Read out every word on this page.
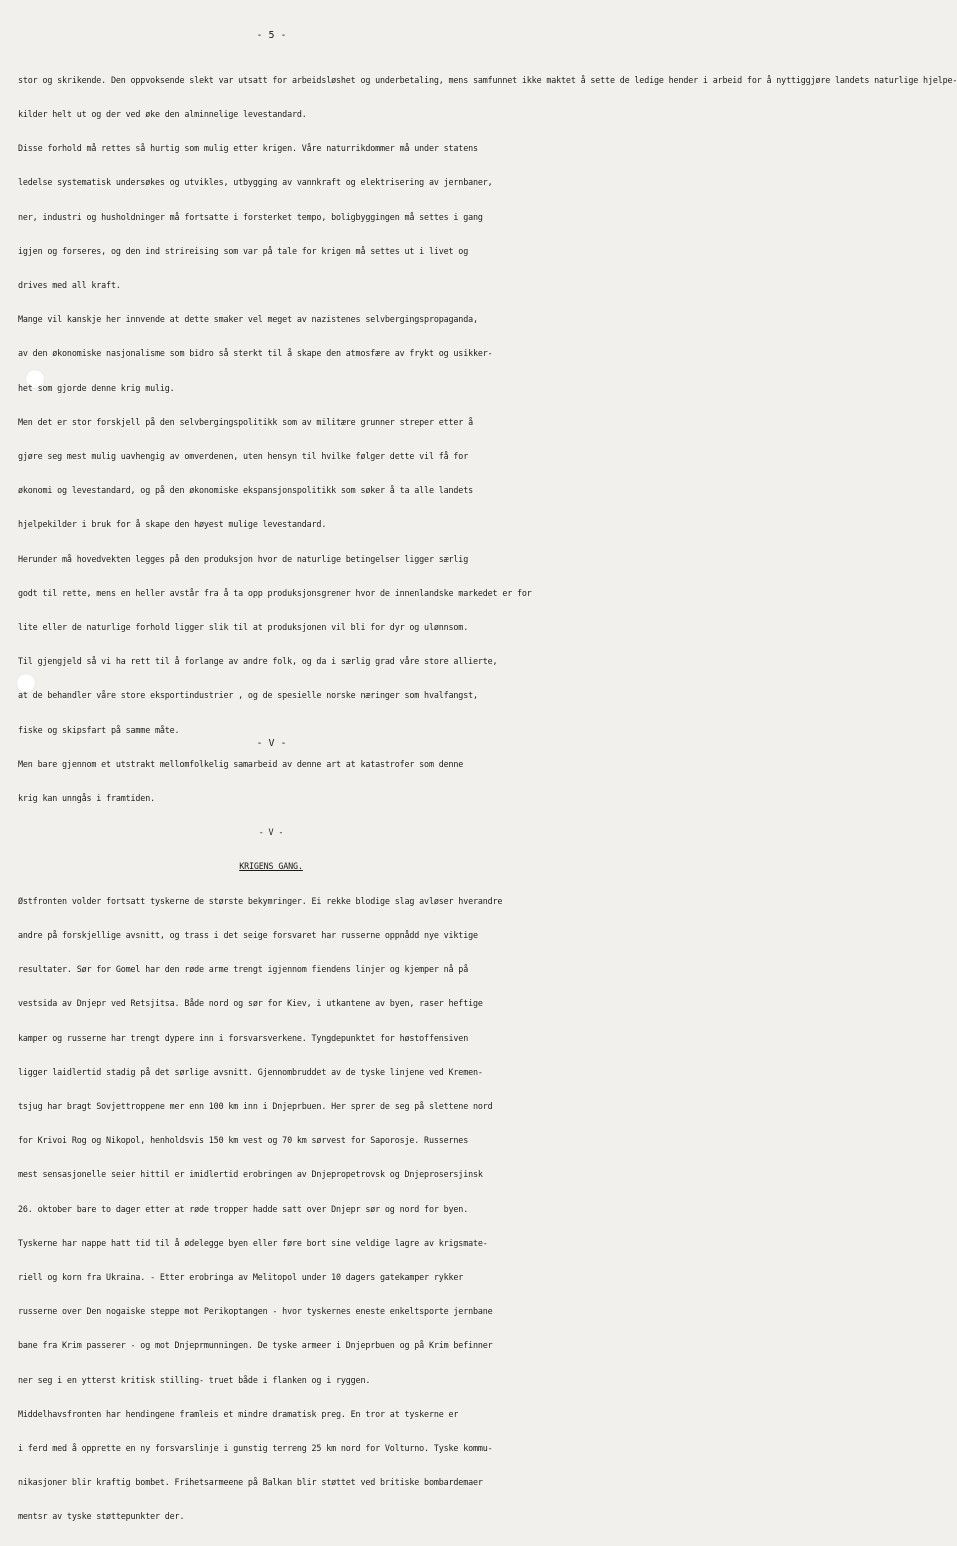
- 5 -

stor og skrikende. Den oppvoksende slekt var utsatt for arbeidsløshet og underbetaling, mens samfunnet ikke maktet å sette de ledige hender i arbeid for å nyttiggjøre landets naturlige hjelpe-

kilder helt ut og der ved øke den alminnelige levestandard.

Disse forhold må rettes så hurtig som mulig etter krigen. Våre naturrikdommer må under statens

ledelse systematisk undersøkes og utvikles, utbygging av vannkraft og elektrisering av jernbaner,

ner, industri og husholdninger må fortsatte i forsterket tempo, boligbyggingen må settes i gang

igjen og forseres, og den ind strireising som var på tale for krigen må settes ut i livet og

drives med all kraft.

Mange vil kanskje her innvende at dette smaker vel meget av nazistenes selvbergingspropaganda,

av den økonomiske nasjonalisme som bidro så sterkt til å skape den atmosfære av frykt og usikker-

het som gjorde denne krig mulig.

Men det er stor forskjell på den selvbergingspolitikk som av militære grunner streper etter å

gjøre seg mest mulig uavhengig av omverdenen, uten hensyn til hvilke følger dette vil få for

økonomi og levestandard, og på den økonomiske ekspansjonspolitikk som søker å ta alle landets

hjelpekilder i bruk for å skape den høyest mulige levestandard.

Herunder må hovedvekten legges på den produksjon hvor de naturlige betingelser ligger særlig

godt til rette, mens en heller avstår fra å ta opp produksjonsgrener hvor de innenlandske markedet er for

lite eller de naturlige forhold ligger slik til at produksjonen vil bli for dyr og ulønnsom.

Til gjengjeld så vi ha rett til å forlange av andre folk, og da i særlig grad våre store allierte,

at de behandler våre store eksportindustrier , og de spesielle norske næringer som hvalfangst,

fiske og skipsfart på samme måte.

Men bare gjennom et utstrakt mellomfolkelig samarbeid av denne art at katastrofer som denne

krig kan unngås i framtiden.

- V -

KRIGENS GANG.

Østfronten volder fortsatt tyskerne de største bekymringer. Ei rekke blodige slag avløser hverandre

andre på forskjellige avsnitt, og trass i det seige forsvaret har russerne oppnådd nye viktige

resultater. Sør for Gomel har den røde arme trengt igjennom fiendens linjer og kjemper nå på

vestsida av Dnjepr ved Retsjitsa. Både nord og sør for Kiev, i utkantene av byen, raser heftige

kamper og russerne har trengt dypere inn i forsvarsverkene. Tyngdepunktet for høstoffensiven

ligger laidlertid stadig på det sørlige avsnitt. Gjennombruddet av de tyske linjene ved Kremen-

tsjug har bragt Sovjettroppene mer enn 100 km inn i Dnjeprbuen. Her sprer de seg på slettene nord

for Krivoi Rog og Nikopol, henholdsvis 150 km vest og 70 km sørvest for Saporosje. Russernes

mest sensasjonelle seier hittil er imidlertid erobringen av Dnjepropetrovsk og Dnjeprosersjinsk

26. oktober bare to dager etter at røde tropper hadde satt over Dnjepr sør og nord for byen.

Tyskerne har nappe hatt tid til å ødelegge byen eller føre bort sine veldige lagre av krigsmate-

riell og korn fra Ukraina. - Etter erobringa av Melitopol under 10 dagers gatekamper rykker

russerne over Den nogaiske steppe mot Perikoptangen - hvor tyskernes eneste enkeltsporte jernbane

bane fra Krim passerer - og mot Dnjeprmunningen. De tyske armeer i Dnjeprbuen og på Krim befinner

ner seg i en ytterst kritisk stilling- truet både i flanken og i ryggen.

Middelhavsfronten har hendingene framleis et mindre dramatisk preg. En tror at tyskerne er

i ferd med å opprette en ny forsvarslinje i gunstig terreng 25 km nord for Volturno. Tyske kommu-

nikasjoner blir kraftig bombet. Frihetsarmeene på Balkan blir støttet ved britiske bombardemaer

mentsr av tyske støttepunkter der.

- V -
